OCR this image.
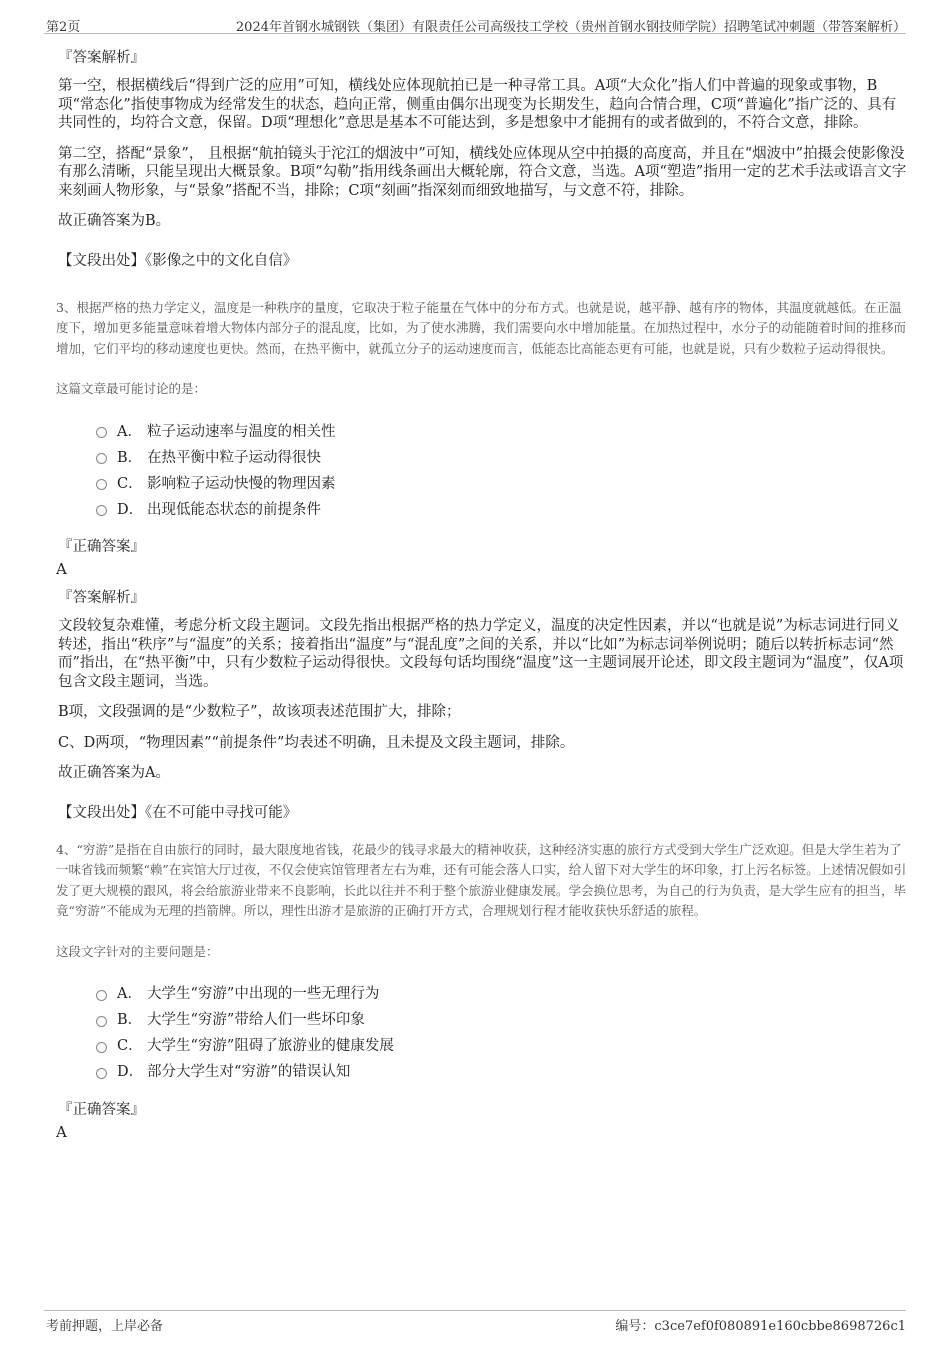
第2页	2024年首钢水城钢铁（集团）有限责任公司高级技工学校（贵州首钢水钢技师学院）招聘笔试冲刺题（带答案解析）
『答案解析』

第一空，根据横线后“得到广泛的应用”可知，横线处应体现航拍已是一种寻常工具。A项“大众化”指人们中普遍的现象或事物，B项“常态化”指使事物成为经常发生的状态，趋向正常，侧重由偶尔出现变为长期发生，趋向合情合理，C项“普遍化”指广泛的、具有共同性的，均符合文意，保留。D项“理想化”意思是基本不可能达到，多是想象中才能拥有的或者做到的，不符合文意，排除。

第二空，搭配“景象”， 且根据“航拍镜头于沱江的烟波中”可知，横线处应体现从空中拍摄的高度高，并且在“烟波中”拍摄会使影像没有那么清晰，只能呈现出大概景象。B项“勾勒”指用线条画出大概轮廓，符合文意，当选。A项“塑造”指用一定的艺术手法或语言文字来刻画人物形象，与“景象”搭配不当，排除；C项“刻画”指深刻而细致地描写，与文意不符，排除。

故正确答案为B。

【文段出处】《影像之中的文化自信》
3、根据严格的热力学定义，温度是一种秩序的量度，它取决于粒子能量在气体中的分布方式。也就是说，越平静、越有序的物体，其温度就越低。在正温度下，增加更多能量意味着增大物体内部分子的混乱度，比如，为了使水沸腾，我们需要向水中增加能量。在加热过程中，水分子的动能随着时间的推移而增加，它们平均的移动速度也更快。然而，在热平衡中，就孤立分子的运动速度而言，低能态比高能态更有可能，也就是说，只有少数粒子运动得很快。
这篇文章最可能讨论的是：
A． 粒子运动速率与温度的相关性
B． 在热平衡中粒子运动得很快
C． 影响粒子运动快慢的物理因素
D． 出现低能态状态的前提条件
『正确答案』
A
『答案解析』

文段较复杂难懂，考虑分析文段主题词。文段先指出根据严格的热力学定义，温度的决定性因素，并以“也就是说”为标志词进行同义转述，指出“秩序”与“温度”的关系；接着指出“温度”与“混乱度”之间的关系，并以“比如”为标志词举例说明；随后以转折标志词“然而”指出，在“热平衡”中，只有少数粒子运动得很快。文段每句话均围绕“温度”这一主题词展开论述，即文段主题词为“温度”，仅A项包含文段主题词，当选。

B项，文段强调的是“少数粒子”，故该项表述范围扩大，排除；

C、D两项，“物理因素”“前提条件”均表述不明确，且未提及文段主题词，排除。

故正确答案为A。

【文段出处】《在不可能中寻找可能》
4、“穷游”是指在自由旅行的同时，最大限度地省钱，花最少的钱寻求最大的精神收获，这种经济实惠的旅行方式受到大学生广泛欢迎。但是大学生若为了一味省钱而频繁“赖”在宾馆大厅过夜，不仅会使宾馆管理者左右为难，还有可能会落人口实，给人留下对大学生的坏印象，打上污名标签。上述情况假如引发了更大规模的跟风，将会给旅游业带来不良影响，长此以往并不利于整个旅游业健康发展。学会换位思考，为自己的行为负责，是大学生应有的担当，毕竟“穷游”不能成为无理的挡箭牌。所以，理性出游才是旅游的正确打开方式，合理规划行程才能收获快乐舒适的旅程。
这段文字针对的主要问题是：
A． 大学生“穷游”中出现的一些无理行为
B． 大学生“穷游”带给人们一些坏印象
C． 大学生“穷游”阻碍了旅游业的健康发展
D． 部分大学生对“穷游”的错误认知
『正确答案』
A
考前押题，上岸必备	编号：c3ce7ef0f080891e160cbbe8698726c1
